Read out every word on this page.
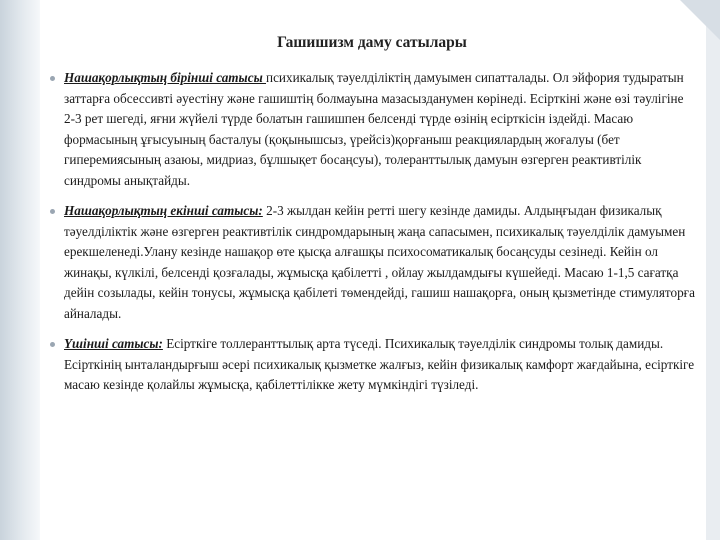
Гашишизм даму сатылары
Нашақорлықтың бірінші сатысы психикалық тәуелділіктің дамуымен сипатталады. Ол эйфория тудыратын заттарға обсессивті әуестіну және гашиштің болмауына мазасызданумен көрінеді. Есірткіні және өзі тәулігіне 2-3 рет шегеді, яғни жүйелі түрде болатын гашишпен белсенді түрде өзінің есірткісін іздейді. Масаю формасының ұғысуының басталуы (қоқынышсыз, үрейсіз)қорғаныш реакциялардың жоғалуы (бет гиперемиясының азаюы, мидриаз, бұлшықет босаңсуы), толеранттылық дамуын өзгерген реактивтілік синдромы анықтайды.
Нашақорлықтың екінші сатысы: 2-3 жылдан кейін ретті шегу кезінде дамиды. Алдыңғыдан физикалық тәуелділіктік және өзгерген реактивтілік синдромдарының жаңа сапасымен, психикалық тәуелділік дамуымен ерекшеленеді.Улану кезінде нашақор өте қысқа алғашқы психосоматикалық босаңсуды сезінеді. Кейін ол жинақы, күлкілі, белсенді қозғалады, жұмысқа қабілетті , ойлау жылдамдығы күшейеді. Масаю 1-1,5 сағатқа дейін созылады, кейін тонусы, жұмысқа қабілеті төмендейді, гашиш нашақорға, оның қызметінде стимуляторға айналады.
Үшінші сатысы: Есірткіге толлеранттылық арта түседі. Психикалық тәуелділік синдромы толық дамиды. Есірткінің ынталандырғыш әсері психикалық қызметке жалғыз, кейін физикалық камфорт жағдайына, есірткіге масаю кезінде қолайлы жұмысқа, қабілеттілікке жету мүмкіндігі түзіледі.
